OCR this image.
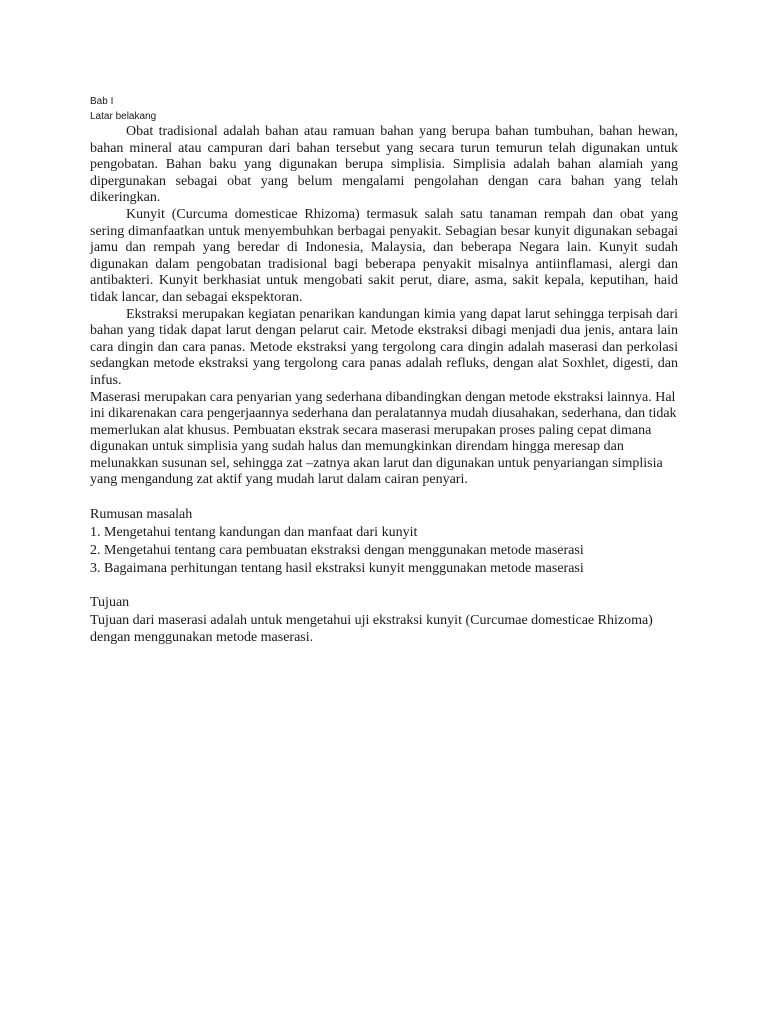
Bab I

Latar belakang

Obat tradisional adalah bahan atau ramuan bahan yang berupa bahan tumbuhan, bahan hewan, bahan mineral atau campuran dari bahan tersebut yang secara turun temurun telah digunakan untuk pengobatan. Bahan baku yang digunakan berupa simplisia. Simplisia adalah bahan alamiah yang dipergunakan sebagai obat yang belum mengalami pengolahan dengan cara bahan yang telah dikeringkan.

Kunyit (Curcuma domesticae Rhizoma) termasuk salah satu tanaman rempah dan obat yang sering dimanfaatkan untuk menyembuhkan berbagai penyakit. Sebagian besar kunyit digunakan sebagai jamu dan rempah yang beredar di Indonesia, Malaysia, dan beberapa Negara lain. Kunyit sudah digunakan dalam pengobatan tradisional bagi beberapa penyakit misalnya antiinflamasi, alergi dan antibakteri. Kunyit berkhasiat untuk mengobati sakit perut, diare, asma, sakit kepala, keputihan, haid tidak lancar, dan sebagai ekspektoran.

Ekstraksi merupakan kegiatan penarikan kandungan kimia yang dapat larut sehingga terpisah dari bahan yang tidak dapat larut dengan pelarut cair. Metode ekstraksi dibagi menjadi dua jenis, antara lain cara dingin dan cara panas. Metode ekstraksi yang tergolong cara dingin adalah maserasi dan perkolasi sedangkan metode ekstraksi yang tergolong cara panas adalah refluks, dengan alat Soxhlet, digesti, dan infus.

Maserasi merupakan cara penyarian yang sederhana dibandingkan dengan metode ekstraksi lainnya. Hal ini dikarenakan cara pengerjaannya sederhana dan peralatannya mudah diusahakan, sederhana, dan tidak memerlukan alat khusus. Pembuatan ekstrak secara maserasi merupakan proses paling cepat dimana digunakan untuk simplisia yang sudah halus dan memungkinkan direndam hingga meresap dan melunakkan susunan sel, sehingga zat –zatnya akan larut dan digunakan untuk penyariangan simplisia yang mengandung zat aktif yang mudah larut dalam cairan penyari.

Rumusan masalah

1. Mengetahui tentang kandungan dan manfaat dari kunyit
2. Mengetahui tentang cara pembuatan ekstraksi dengan menggunakan metode maserasi
3. Bagaimana perhitungan tentang hasil ekstraksi kunyit menggunakan metode maserasi

Tujuan

Tujuan dari maserasi adalah untuk mengetahui uji ekstraksi kunyit (Curcumae domesticae Rhizoma) dengan menggunakan metode maserasi.
